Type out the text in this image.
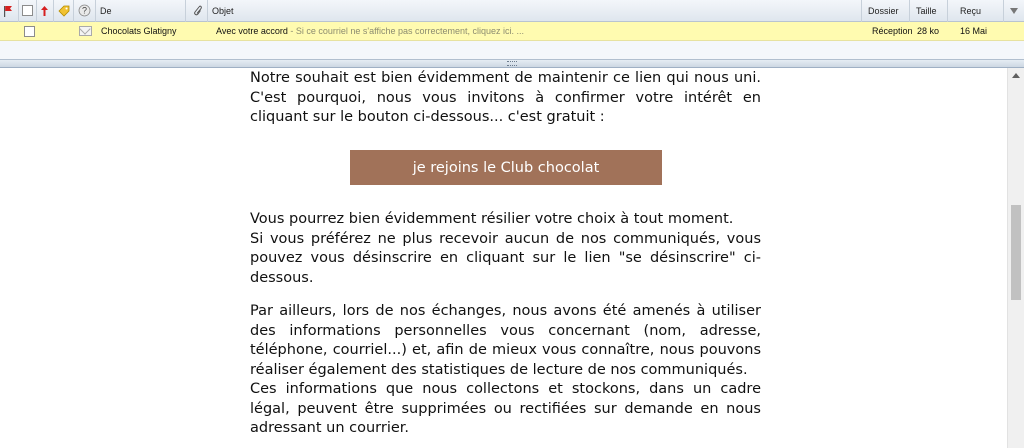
? De	Objet	Dossier Taille	Reçu
Chocolats Glatigny	Avec votre accord - Si ce courriel ne s'affiche pas correctement, cliquez ici. ...	Réception 28 ko	16 Mai

Notre souhait est bien évidemment de maintenir ce lien qui nous uni. C'est pourquoi, nous vous invitons à confirmer votre intérêt en cliquant sur le bouton ci-dessous... c'est gratuit :

je rejoins le Club chocolat

Vous pourrez bien évidemment résilier votre choix à tout moment.

Si vous préférez ne plus recevoir aucun de nos communiqués, vous pouvez vous désinscrire en cliquant sur le lien "se désinscrire" ci-dessous.

Par ailleurs, lors de nos échanges, nous avons été amenés à utiliser des informations personnelles vous concernant (nom, adresse, téléphone, courriel...) et, afin de mieux vous connaître, nous pouvons réaliser également des statistiques de lecture de nos communiqués.

Ces informations que nous collectons et stockons, dans un cadre légal, peuvent être supprimées ou rectifiées sur demande en nous adressant un courrier.
